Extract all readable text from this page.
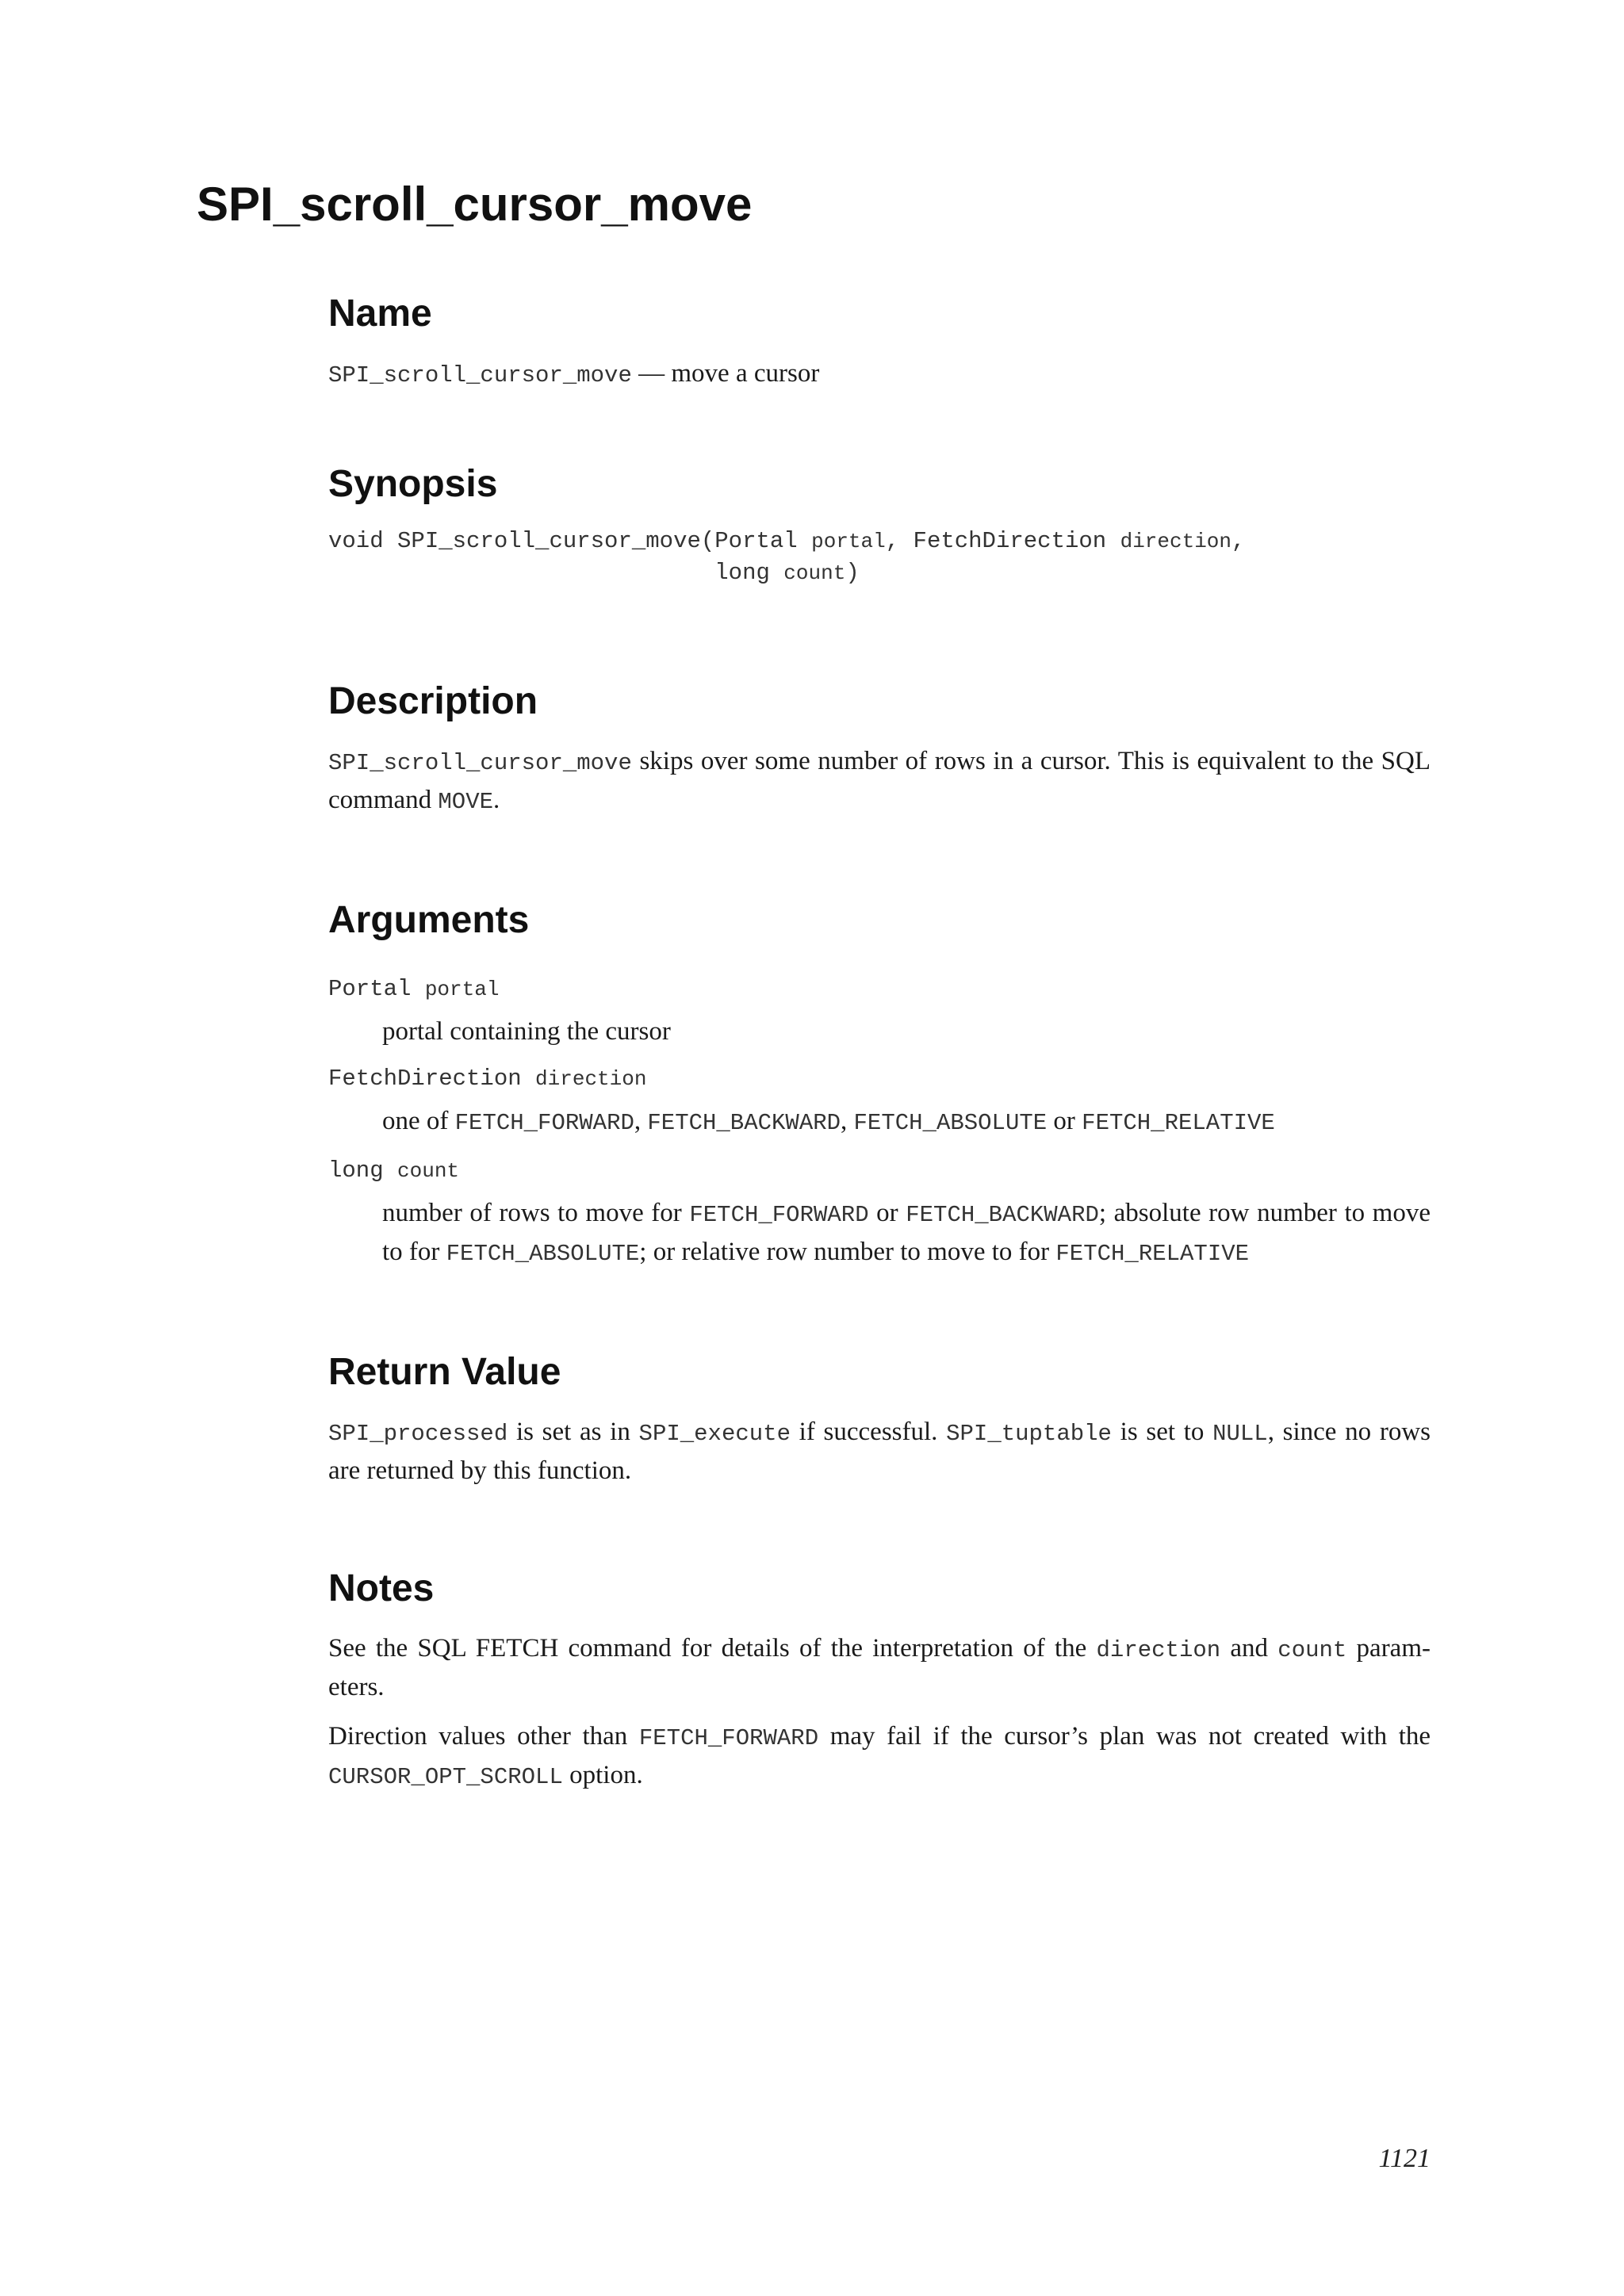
SPI_scroll_cursor_move
Name

SPI_scroll_cursor_move — move a cursor

Synopsis
void SPI_scroll_cursor_move(Portal portal, FetchDirection direction,
long count)
Description

SPI_scroll_cursor_move skips over some number of rows in a cursor. This is equivalent to the SQL command MOVE.

Arguments
Portal portal

portal containing the cursor

FetchDirection direction

one of FETCH_FORWARD, FETCH_BACKWARD, FETCH_ABSOLUTE or FETCH_RELATIVE

long count

number of rows to move for FETCH_FORWARD or FETCH_BACKWARD; absolute row number to move to for FETCH_ABSOLUTE; or relative row number to move to for FETCH_RELATIVE

Return Value

SPI_processed is set as in SPI_execute if successful. SPI_tuptable is set to NULL, since no rows are returned by this function.

Notes

See the SQL FETCH command for details of the interpretation of the direction and count param-eters.

Direction values other than FETCH_FORWARD may fail if the cursor’s plan was not created with the CURSOR_OPT_SCROLL option.

1121
